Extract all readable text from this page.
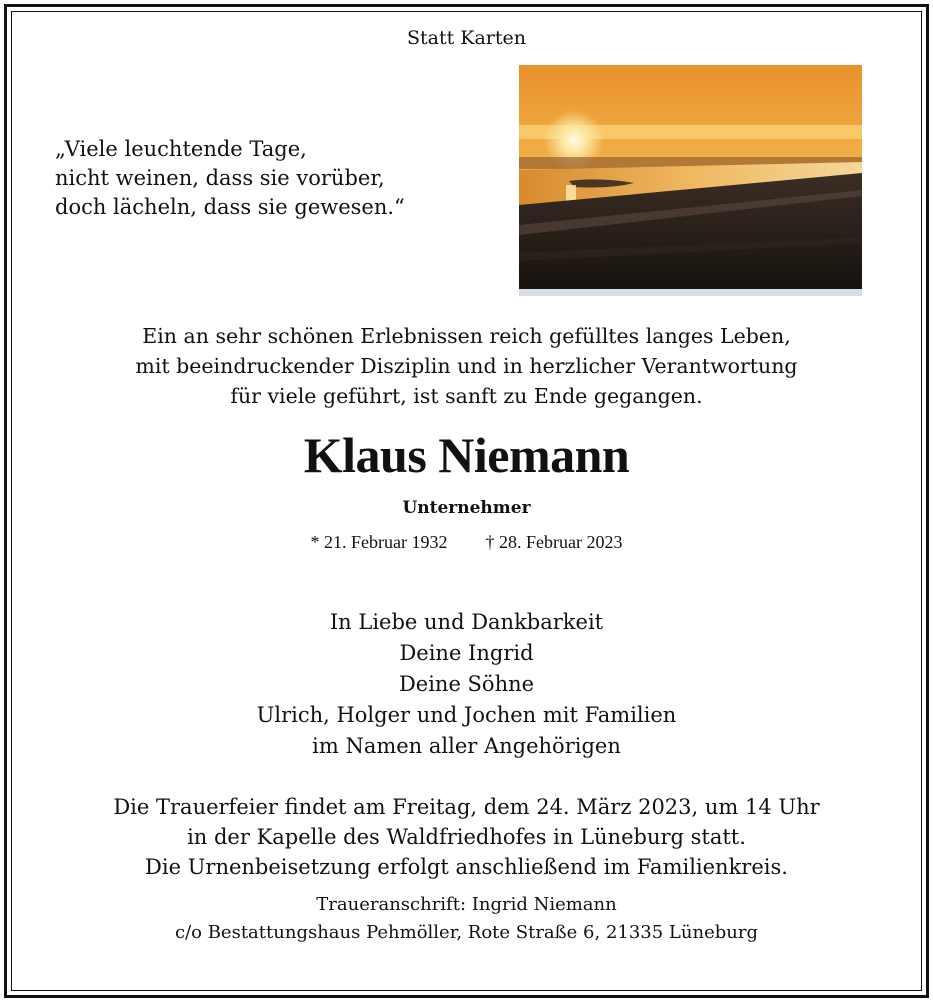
Statt Karten
„Viele leuchtende Tage,
nicht weinen, dass sie vorüber,
doch lächeln, dass sie gewesen.“
Ein an sehr schönen Erlebnissen reich gefülltes langes Leben,
mit beeindruckender Disziplin und in herzlicher Verantwortung
für viele geführt, ist sanft zu Ende gegangen.
Klaus Niemann
Unternehmer
* 21. Februar 1932 † 28. Februar 2023
In Liebe und Dankbarkeit
Deine Ingrid
Deine Söhne
Ulrich, Holger und Jochen mit Familien
im Namen aller Angehörigen
Die Trauerfeier findet am Freitag, dem 24. März 2023, um 14 Uhr
in der Kapelle des Waldfriedhofes in Lüneburg statt.
Die Urnenbeisetzung erfolgt anschließend im Familienkreis.
Traueranschrift: Ingrid Niemann
c/o Bestattungshaus Pehmöller, Rote Straße 6, 21335 Lüneburg
